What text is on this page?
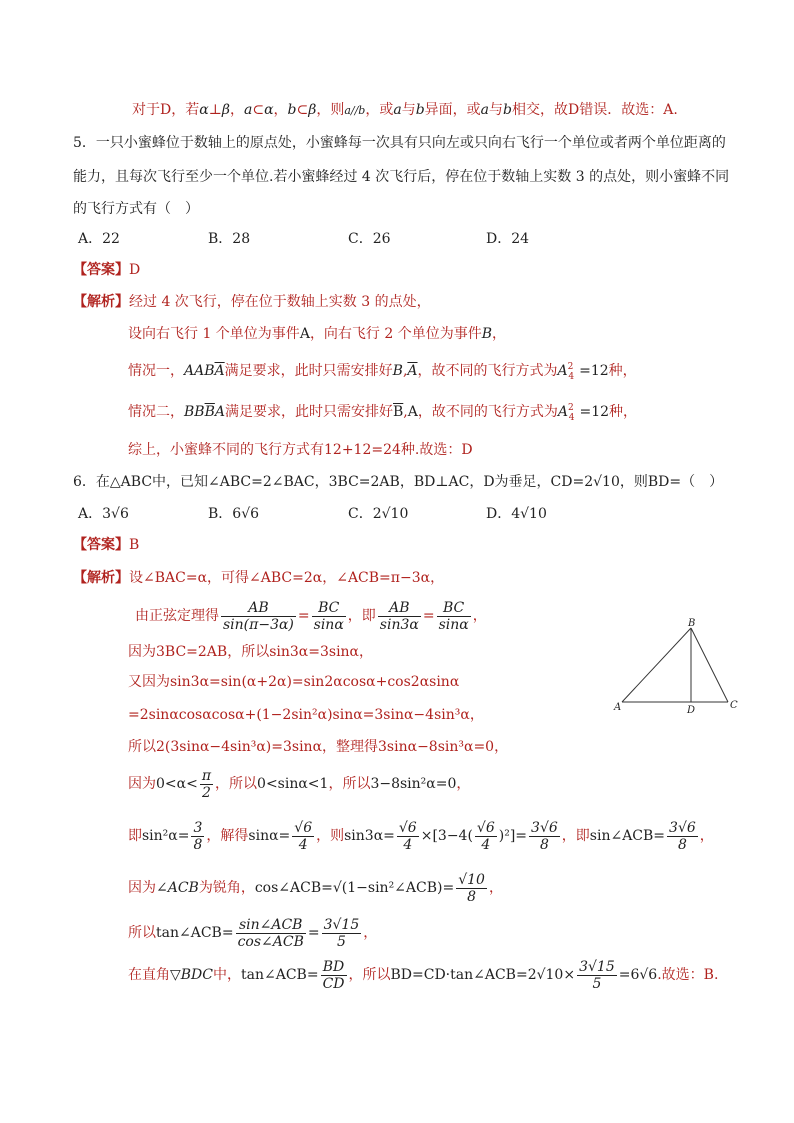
对于D，若α⊥β，a⊂α，b⊂β，则a//b，或a与b异面，或a与b相交，故D错误．故选：A.
5．一只小蜜蜂位于数轴上的原点处，小蜜蜂每一次具有只向左或只向右飞行一个单位或者两个单位距离的
能力，且每次飞行至少一个单位.若小蜜蜂经过 4 次飞行后，停在位于数轴上实数 3 的点处，则小蜜蜂不同
的飞行方式有（　）
A．22	B．28	C．26	D．24
【答案】D
【解析】经过 4 次飞行，停在位于数轴上实数 3 的点处，
设向右飞行 1 个单位为事件A，向右飞行 2 个单位为事件B，
情况一，$AAB\overline{A}$满足要求，此时只需安排好$B,\overline{A}$，故不同的飞行方式为A24 =12种，
情况二，$BB\overline{B}A$满足要求，此时只需安排好$\overline{B},A$，故不同的飞行方式为A24 =12种，
综上，小蜜蜂不同的飞行方式有12+12=24种.故选：D
6．在△ABC中，已知∠ABC=2∠BAC，3BC=2AB，BD⊥AC，D为垂足，CD=2√10，则BD=（　）
A．3√6	B．6√6	C．2√10	D．4√10
【答案】B
【解析】设∠BAC=α，可得∠ABC=2α，∠ACB=π−3α，
由正弦定理得 $\frac{AB}{\sin(\pi-3\alpha)} = \frac{BC}{\sin\alpha}$ ，即 $\frac{AB}{\sin 3\alpha} = \frac{BC}{\sin\alpha}$ ，
因为3BC=2AB，所以sin3α=3sinα，
又因为sin3α=sin(α+2α)=sin2αcosα+cos2αsinα
=2sinαcosαcosα+(1−2sin²α)sinα=3sinα−4sin³α，
所以2(3sinα−4sin³α)=3sinα，整理得3sinα−8sin³α=0，
因为$0<\alpha< \frac{\pi}{2}$ ，所以0<sinα<1，所以3−8sin²α=0，
即$\sin^2\alpha= \frac{3}{8}$ ，解得$\sin\alpha= \frac{√6}{4}$ ，则$\sin 3\alpha= \frac{√6}{4} \times[3-4( \frac{√6}{4} )^2]= \frac{3√6}{8}$ ，即sin∠ACB= $\frac{3√6}{8}$ ，
因为∠ACB为锐角，cos∠ACB=√(1−sin²∠ACB)= $\frac{√10}{8}$ ，
所以tan∠ACB= $\frac{\text{sin∠ACB}}{\text{cos∠ACB}} = \frac{3√15}{5}$ ，
在直角▽BDC中，tan∠ACB= $\frac{BD}{CD}$ ，所以BD=CD·tan∠ACB=2√10× $\frac{3√15}{5} =6√6$.故选：B.
B
A	D	C
